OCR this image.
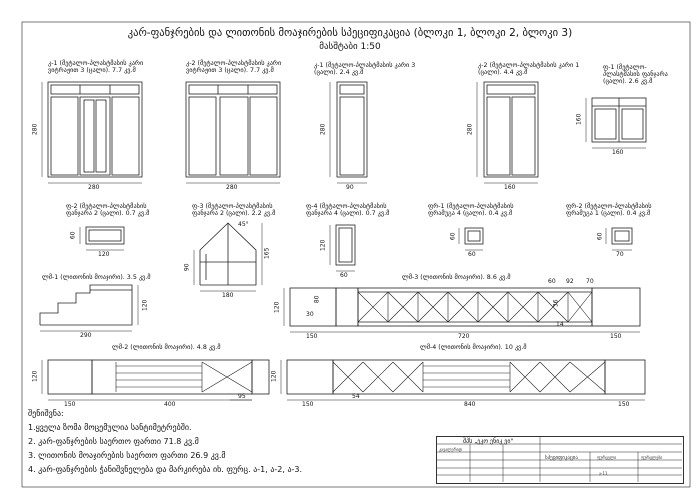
კარ-ფანჯრების და ლითონის მოაჯირების სპეციფიკაცია (ბლოკი 1, ბლოკი 2, ბლოკი 3)
მასშტაბი 1:50
კ-1 (მეტალო-პლასტმასის კარი
ვიტრაჟით 3 (ცალი). 7.7 კვ.მ
კ-2 (მეტალო-პლასტმასის კარი
ვიტრაჟით 3 (ცალი). 7.7 კვ.მ
კ-1 (მეტალო-პლასტმასის კარი 3
(ცალი). 2.4 კვ.მ
კ-2 (მეტალო-პლასტმასის კარი 1
(ცალი). 4.4 კვ.მ
ფ-1 (მეტალო-
პლასტმასის ფანჯარა
(ცალი). 2.6 კვ.მ
ფ-2 (მეტალო-პლასტმასის
ფანჯარა 2 (ცალი). 0.7 კვ.მ
ფ-3 (მეტალო-პლასტმასის
ფანჯარა 2 (ცალი). 2.2 კვ.მ
ფ-4 (მეტალო-პლასტმასის
ფანჯარა 4 (ცალი). 0.7 კვ.მ
ფრ-1 (მეტალო-პლასტმასის
ფრამუგა 4 (ცალი). 0.4 კვ.მ
ფრ-2 (მეტალო-პლასტმასის
ფრამუგა 1 (ცალი). 0.4 კვ.მ
ლმ-1 (ლითონის მოაჯირი). 3.5 კვ.მ	ლმ-3 (ლითონის მოაჯირი). 8.6 კვ.მ
ლმ-2 (ლითონის მოაჯირი). 4.8 კვ.მ	ლმ-4 (ლითონის მოაჯირი). 10 კვ.მ
280
280
280	90
280
160
280
160
160
120
60
180
90
165
45°
60
120
60
60
70
60
290
120
150	720	150
120
60 92 70
80
30
36
14
150	400
95
120
150
54
840	150
120
შენიშვნა:
1.ყველა ზომა მოცემულია სანტიმეტრებში.
2. კარ-ფანჯრების საერთო ფართი 71.8 კვ.მ
3. ლითონის მოაჯირების საერთო ფართი 26.9 კვ.მ
4. კარ-ფანჯრების ჭანიშვნელება და მარკირება იხ. ფურც. ა-1, ა-2, ა-3.
შპს „ეკო ენიკ ვი"
კავალერიდ
სპეციფიკაცია	ფურცელი	ფურცლები
ა-11
